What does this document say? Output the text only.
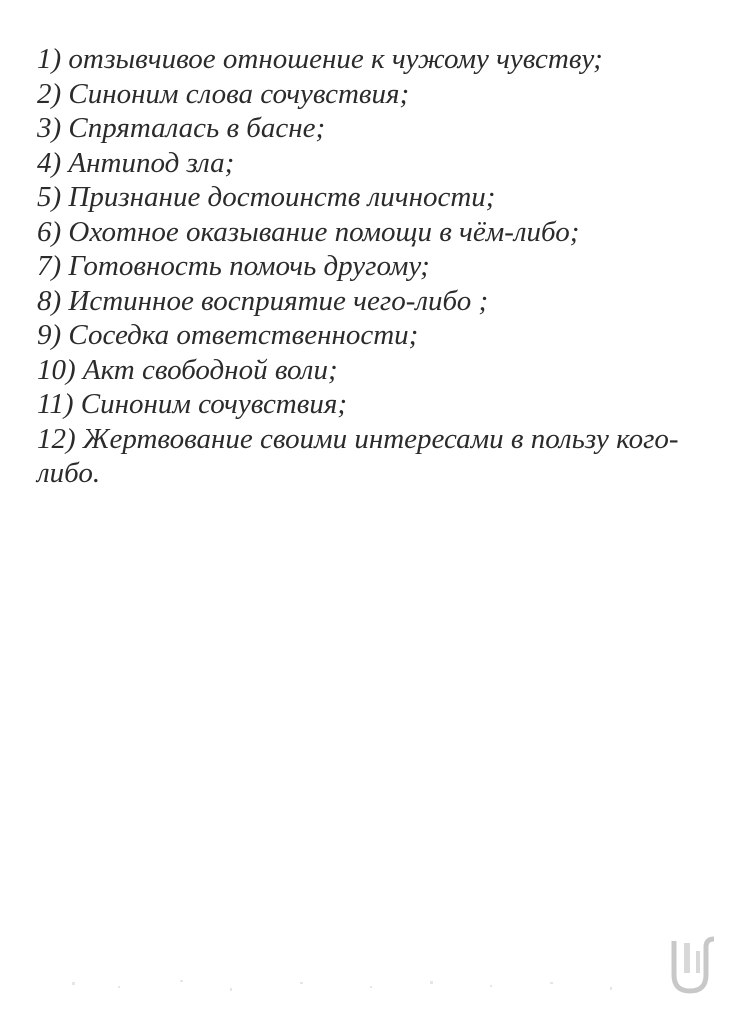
1) отзывчивое отношение к чужому чувству;
2) Синоним слова сочувствия;
3) Спряталась в басне;
4) Антипод зла;
5) Признание достоинств личности;
6) Охотное оказывание помощи в чём-либо;
7) Готовность помочь другому;
8) Истинное восприятие чего-либо ;
9) Соседка ответственности;
10) Акт свободной воли;
11) Синоним сочувствия;
12) Жертвование своими интересами в пользу кого-либо.
